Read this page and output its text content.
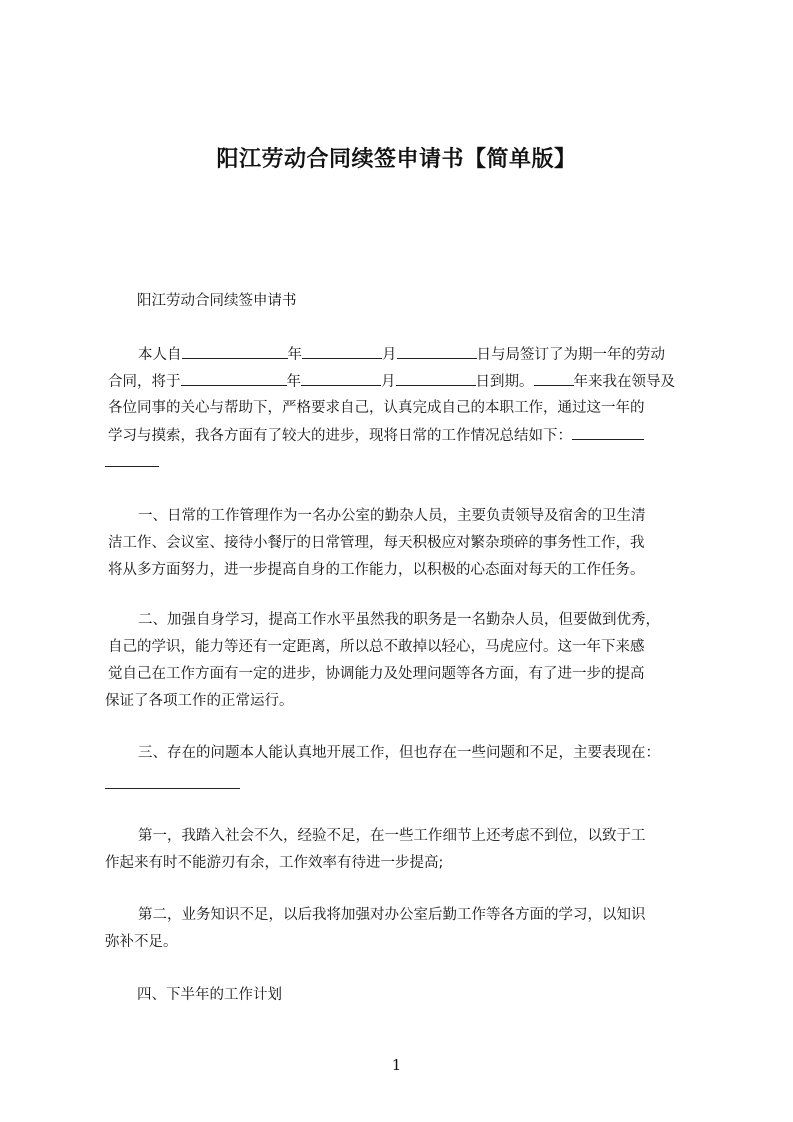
阳江劳动合同续签申请书【简单版】
阳江劳动合同续签申请书
本人自	年	月	日与局签订了为期一年的劳动
合同，将于	年	月	日到期。	年来我在领导及
各位同事的关心与帮助下，严格要求自己，认真完成自己的本职工作，通过这一年的
学习与摸索，我各方面有了较大的进步，现将日常的工作情况总结如下：
一、日常的工作管理作为一名办公室的勤杂人员，主要负责领导及宿舍的卫生清
洁工作、会议室、接待小餐厅的日常管理，每天积极应对繁杂琐碎的事务性工作，我
将从多方面努力，进一步提高自身的工作能力，以积极的心态面对每天的工作任务。
二、加强自身学习，提高工作水平虽然我的职务是一名勤杂人员，但要做到优秀，
自己的学识，能力等还有一定距离，所以总不敢掉以轻心，马虎应付。这一年下来感
觉自己在工作方面有一定的进步，协调能力及处理问题等各方面，有了进一步的提高
保证了各项工作的正常运行。
三、存在的问题本人能认真地开展工作，但也存在一些问题和不足，主要表现在：
第一，我踏入社会不久，经验不足，在一些工作细节上还考虑不到位，以致于工
作起来有时不能游刃有余，工作效率有待进一步提高;
第二，业务知识不足，以后我将加强对办公室后勤工作等各方面的学习，以知识
弥补不足。
四、下半年的工作计划
1
